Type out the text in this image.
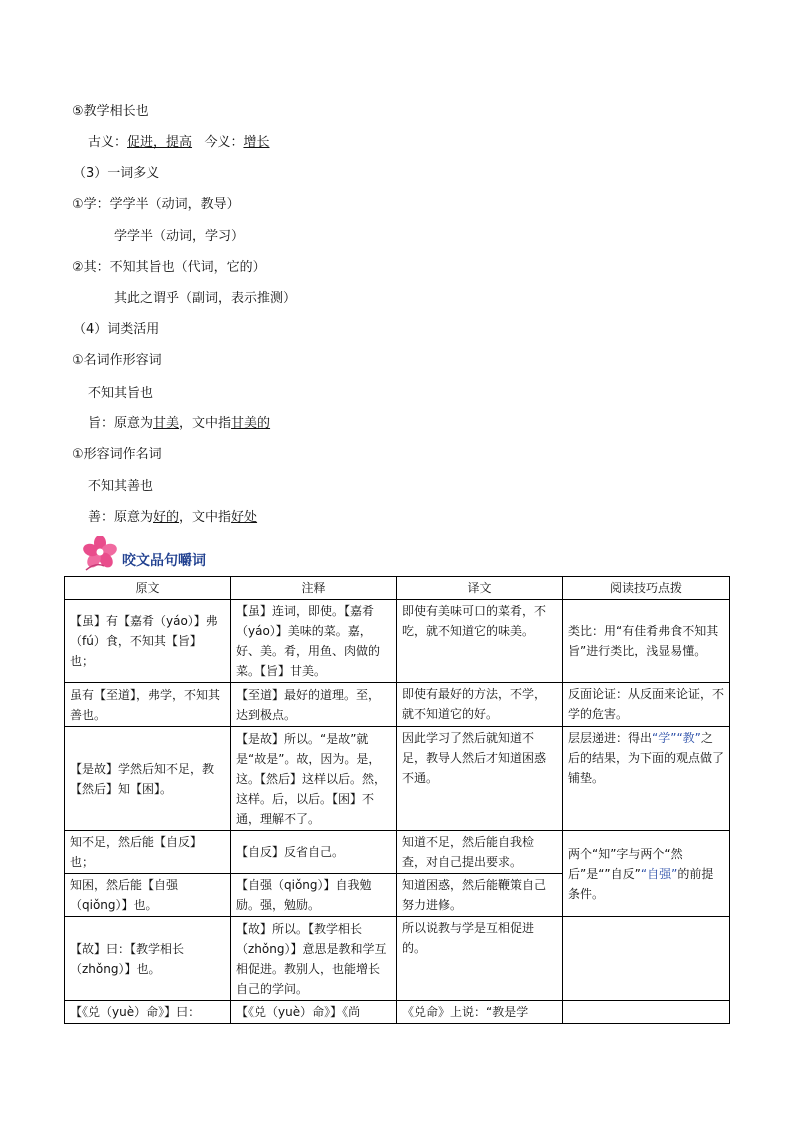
⑤教学相长也
古义：促进，提高 今义：增长
（3）一词多义
①学：学学半（动词，教导）
学学半（动词，学习）
②其：不知其旨也（代词，它的）
其此之谓乎（副词，表示推测）
（4）词类活用
①名词作形容词
不知其旨也
旨：原意为甘美，文中指甘美的
①形容词作名词
不知其善也
善：原意为好的，文中指好处
咬文品句嚼词
原文	注释	译文	阅读技巧点拨
【虽】有【嘉肴（yáo）】弗（fú）食，不知其【旨】也；	【虽】连词，即使。【嘉肴（yáo）】美味的菜。嘉，好、美。肴，用鱼、肉做的菜。【旨】甘美。	即使有美味可口的菜肴，不吃，就不知道它的味美。	类比：用“有佳肴弗食不知其旨”进行类比，浅显易懂。
虽有【至道】，弗学，不知其善也。	【至道】最好的道理。至，达到极点。	即使有最好的方法，不学，就不知道它的好。	反面论证：从反面来论证，不学的危害。
【是故】学然后知不足，教【然后】知【困】。	【是故】所以。“是故”就是“故是”。故，因为。是，这。【然后】这样以后。然，这样。后，以后。【困】不通，理解不了。	因此学习了然后就知道不足，教导人然后才知道困惑不通。	层层递进：得出“学”“教”之后的结果，为下面的观点做了铺垫。
知不足，然后能【自反】也；	【自反】反省自己。	知道不足，然后能自我检查，对自己提出要求。	两个“知”字与两个“然后”是“”自反”“自强”的前提条件。
知困，然后能【自强（qiǒng）】也。	【自强（qiǒng）】自我勉励。强，勉励。	知道困惑，然后能鞭策自己努力进修。	
【故】曰：【教学相长（zhǒng）】也。	【故】所以。【教学相长（zhǒng）】意思是教和学互相促进。教别人，也能增长自己的学问。	所以说教与学是互相促进的。	
【《兑（yuè）命》】曰：	【《兑（yuè）命》】《尚	《兑命》上说：“教是学	
